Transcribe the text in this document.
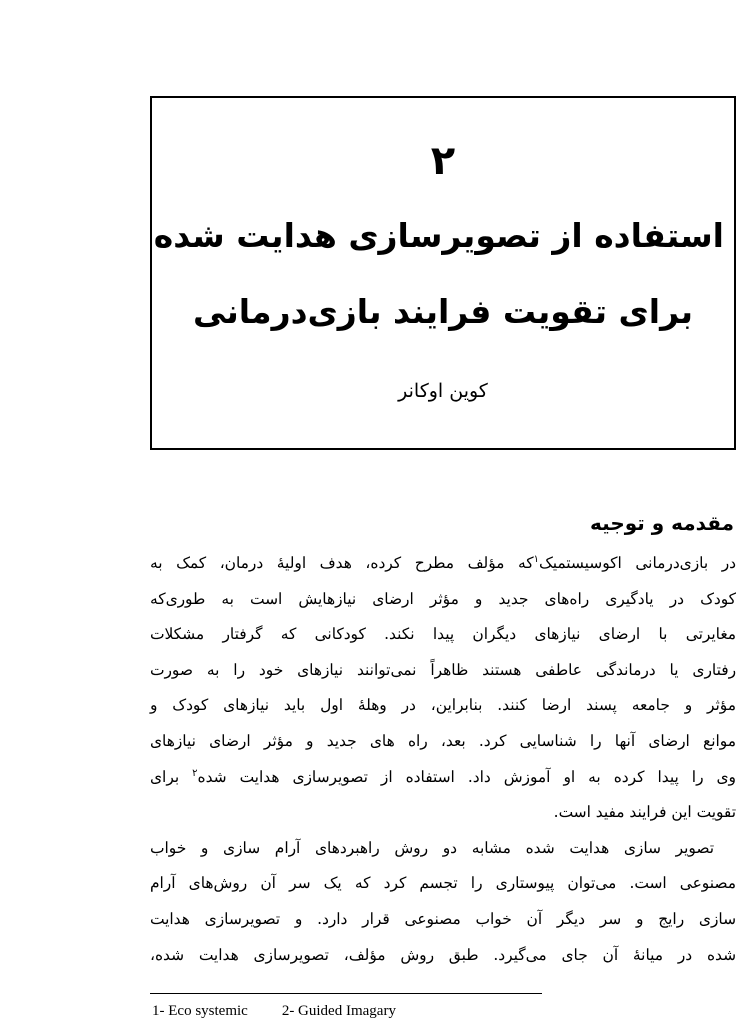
۲
استفاده از تصویرسازی هدایت شده
برای تقویت فرایند بازی‌درمانی
کوین اوکانر
مقدمه و توجیه
در بازی‌درمانی اکوسیستمیک$^۱$که مؤلف مطرح کرده، هدف اولیهٔ درمان، کمک به
کودک در یادگیری راه‌های جدید و مؤثر ارضای نیازهایش است به طوری‌که
مغایرتی با ارضای نیازهای دیگران پیدا نکند. کودکانی که گرفتار مشکلات
رفتاری یا درماندگی عاطفی هستند ظاهراً نمی‌توانند نیازهای خود را به صورت
مؤثر و جامعه پسند ارضا کنند. بنابراین، در وهلهٔ اول باید نیازهای کودک و
موانع ارضای آنها را شناسایی کرد. بعد، راه های جدید و مؤثر ارضای نیازهای
وی را پیدا کرده به او آموزش داد. استفاده از تصویرسازی هدایت شده$^۲$ برای
تقویت این فرایند مفید است.
تصویر سازی هدایت شده مشابه دو روش راهبردهای آرام سازی و خواب
مصنوعی است. می‌توان پیوستاری را تجسم کرد که یک سر آن روش‌های آرام
سازی رایج و سر دیگر آن خواب مصنوعی قرار دارد. و تصویرسازی هدایت
شده در میانهٔ آن جای می‌گیرد. طبق روش مؤلف، تصویرسازی هدایت شده،
1- Eco systemic 2- Guided Imagary
